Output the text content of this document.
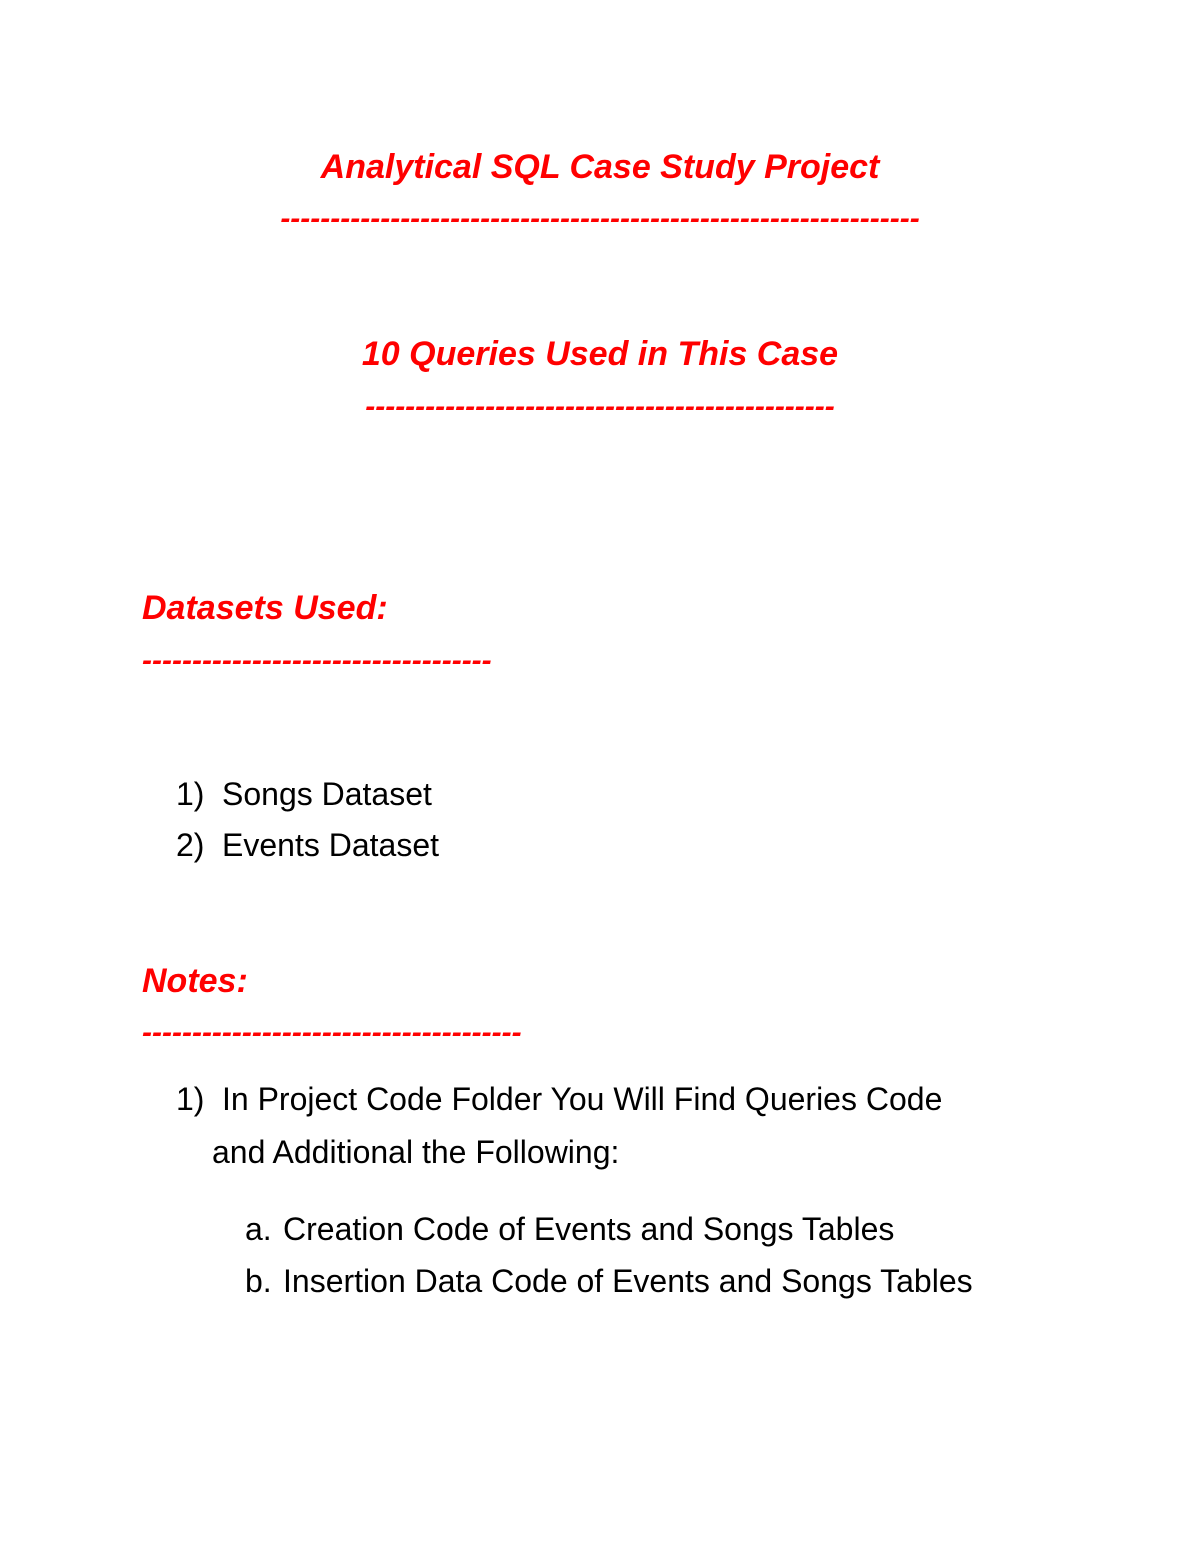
Analytical SQL Case Study Project
----------------------------------------------------------------
10 Queries Used in This Case
-----------------------------------------------
Datasets Used:
-----------------------------------
1) Songs Dataset
2) Events Dataset
Notes:
--------------------------------------
1) In Project Code Folder You Will Find Queries Code
and Additional the Following:
a. Creation Code of Events and Songs Tables
b. Insertion Data Code of Events and Songs Tables
